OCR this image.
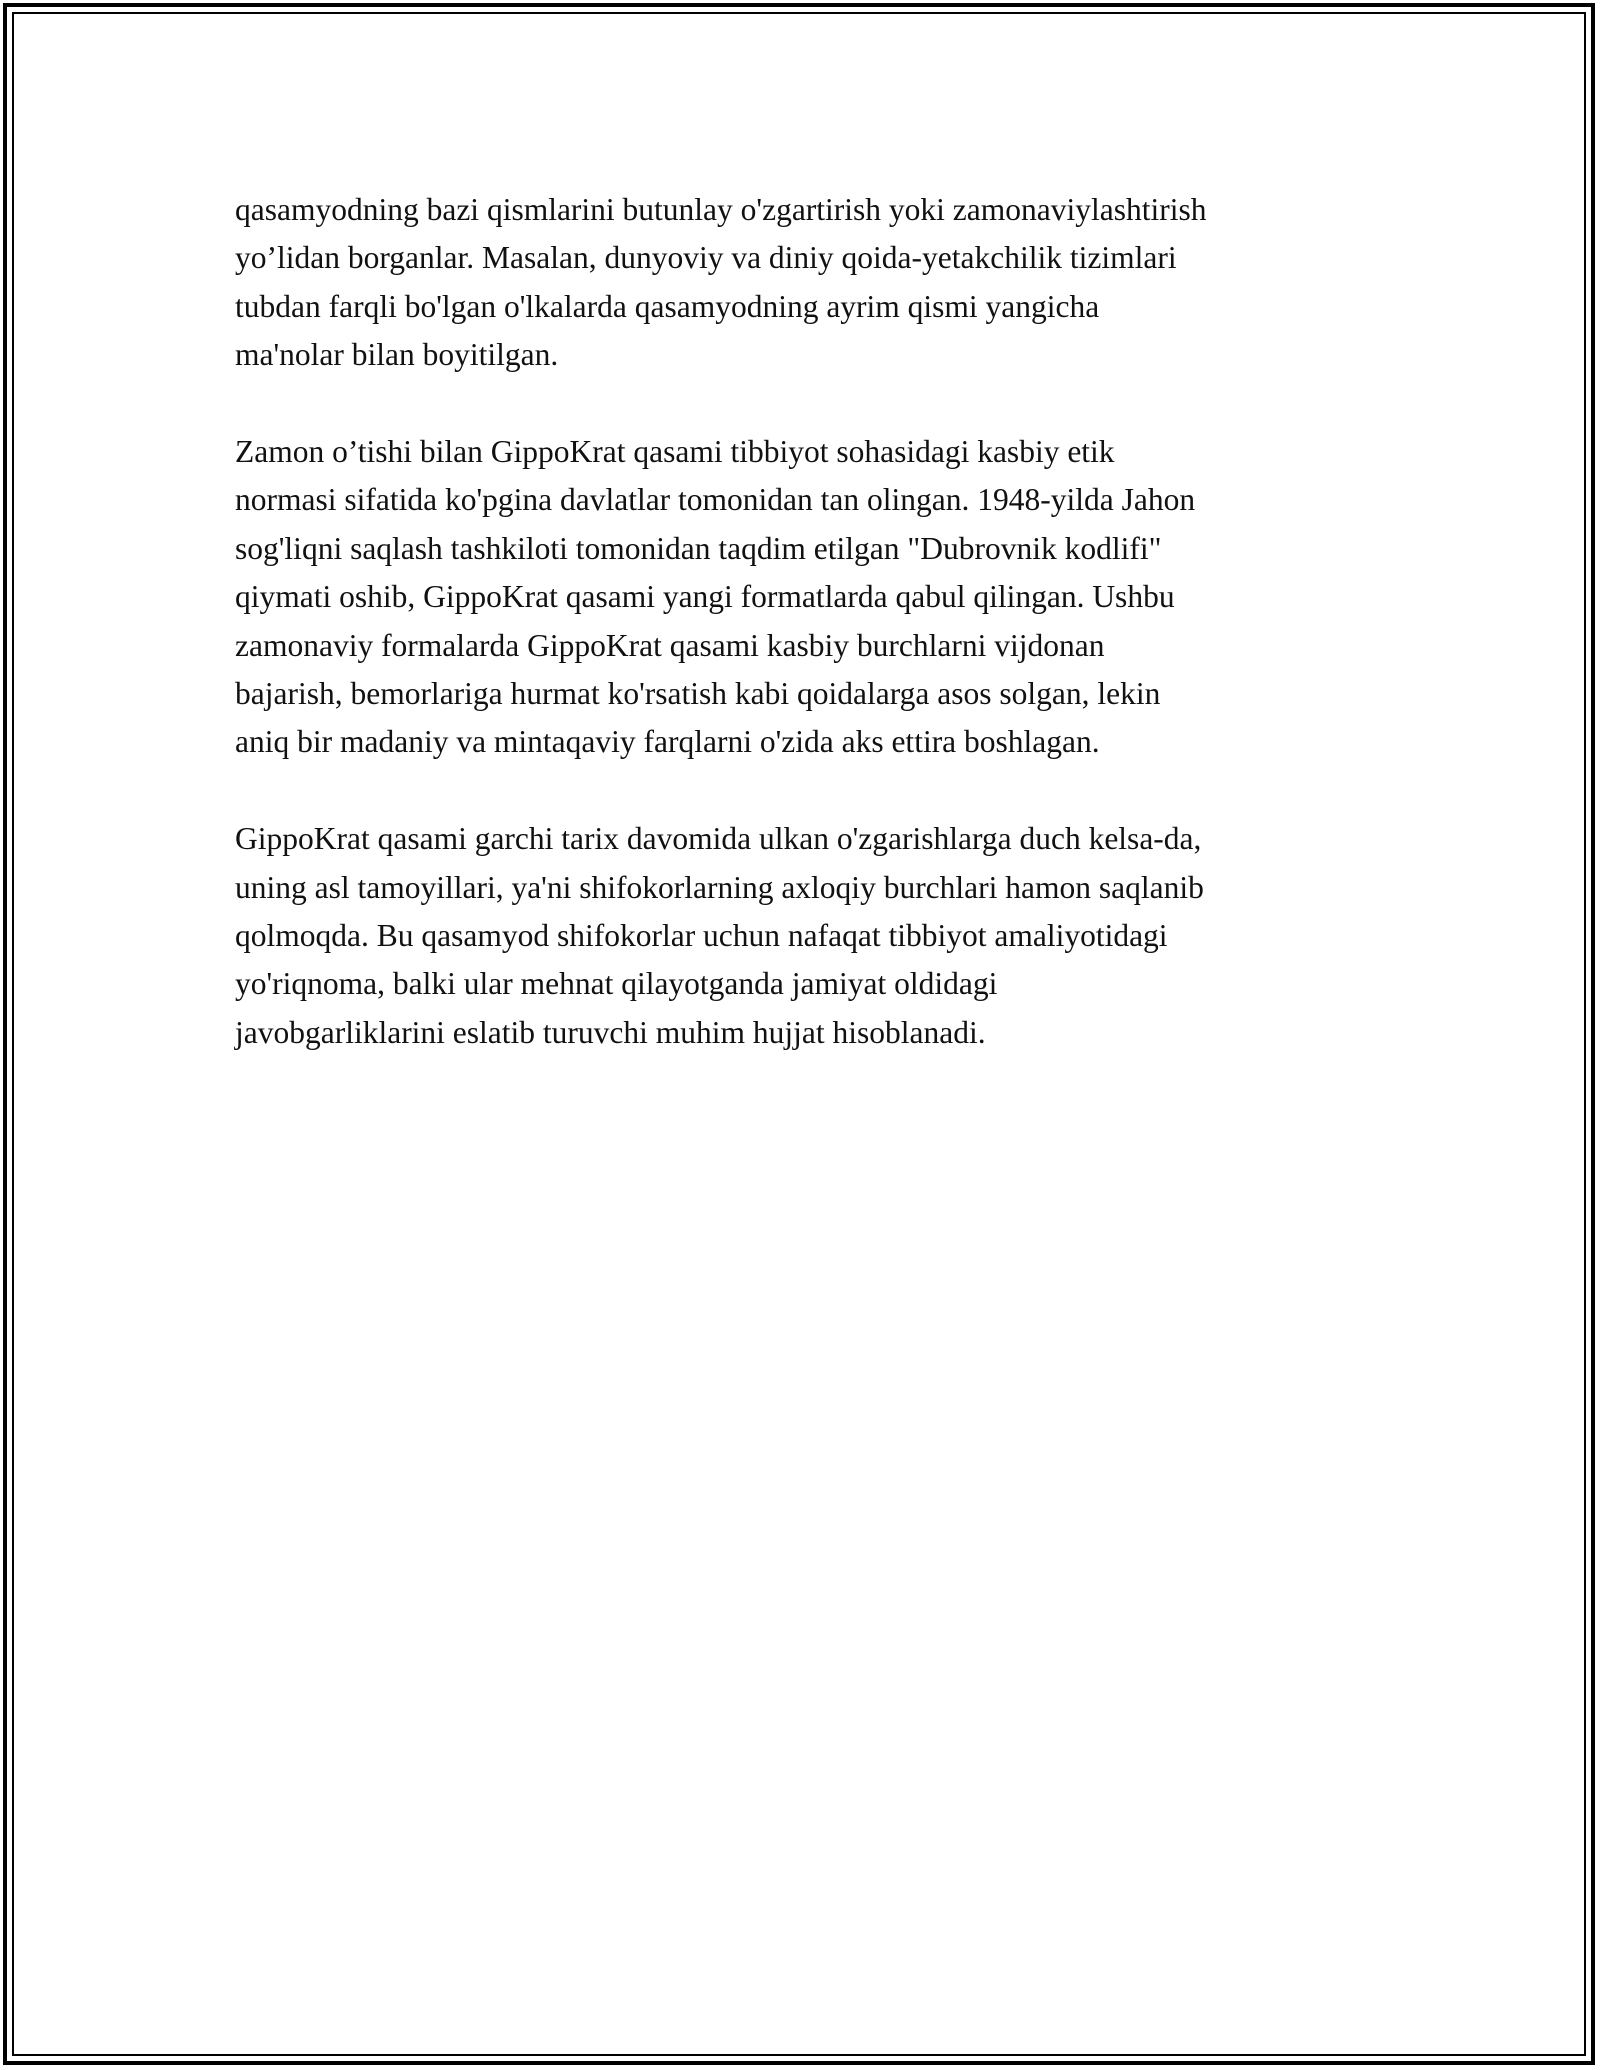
qasamyodning bazi qismlarini butunlay o'zgartirish yoki zamonaviylashtirish
yo’lidan borganlar. Masalan, dunyoviy va diniy qoida-yetakchilik tizimlari
tubdan farqli bo'lgan o'lkalarda qasamyodning ayrim qismi yangicha
ma'nolar bilan boyitilgan.

Zamon o’tishi bilan GippoKrat qasami tibbiyot sohasidagi kasbiy etik
normasi sifatida ko'pgina davlatlar tomonidan tan olingan. 1948-yilda Jahon
sog'liqni saqlash tashkiloti tomonidan taqdim etilgan "Dubrovnik kodlifi"
qiymati oshib, GippoKrat qasami yangi formatlarda qabul qilingan. Ushbu
zamonaviy formalarda GippoKrat qasami kasbiy burchlarni vijdonan
bajarish, bemorlariga hurmat ko'rsatish kabi qoidalarga asos solgan, lekin
aniq bir madaniy va mintaqaviy farqlarni o'zida aks ettira boshlagan.

GippoKrat qasami garchi tarix davomida ulkan o'zgarishlarga duch kelsa-da,
uning asl tamoyillari, ya'ni shifokorlarning axloqiy burchlari hamon saqlanib
qolmoqda. Bu qasamyod shifokorlar uchun nafaqat tibbiyot amaliyotidagi
yo'riqnoma, balki ular mehnat qilayotganda jamiyat oldidagi
javobgarliklarini eslatib turuvchi muhim hujjat hisoblanadi.
